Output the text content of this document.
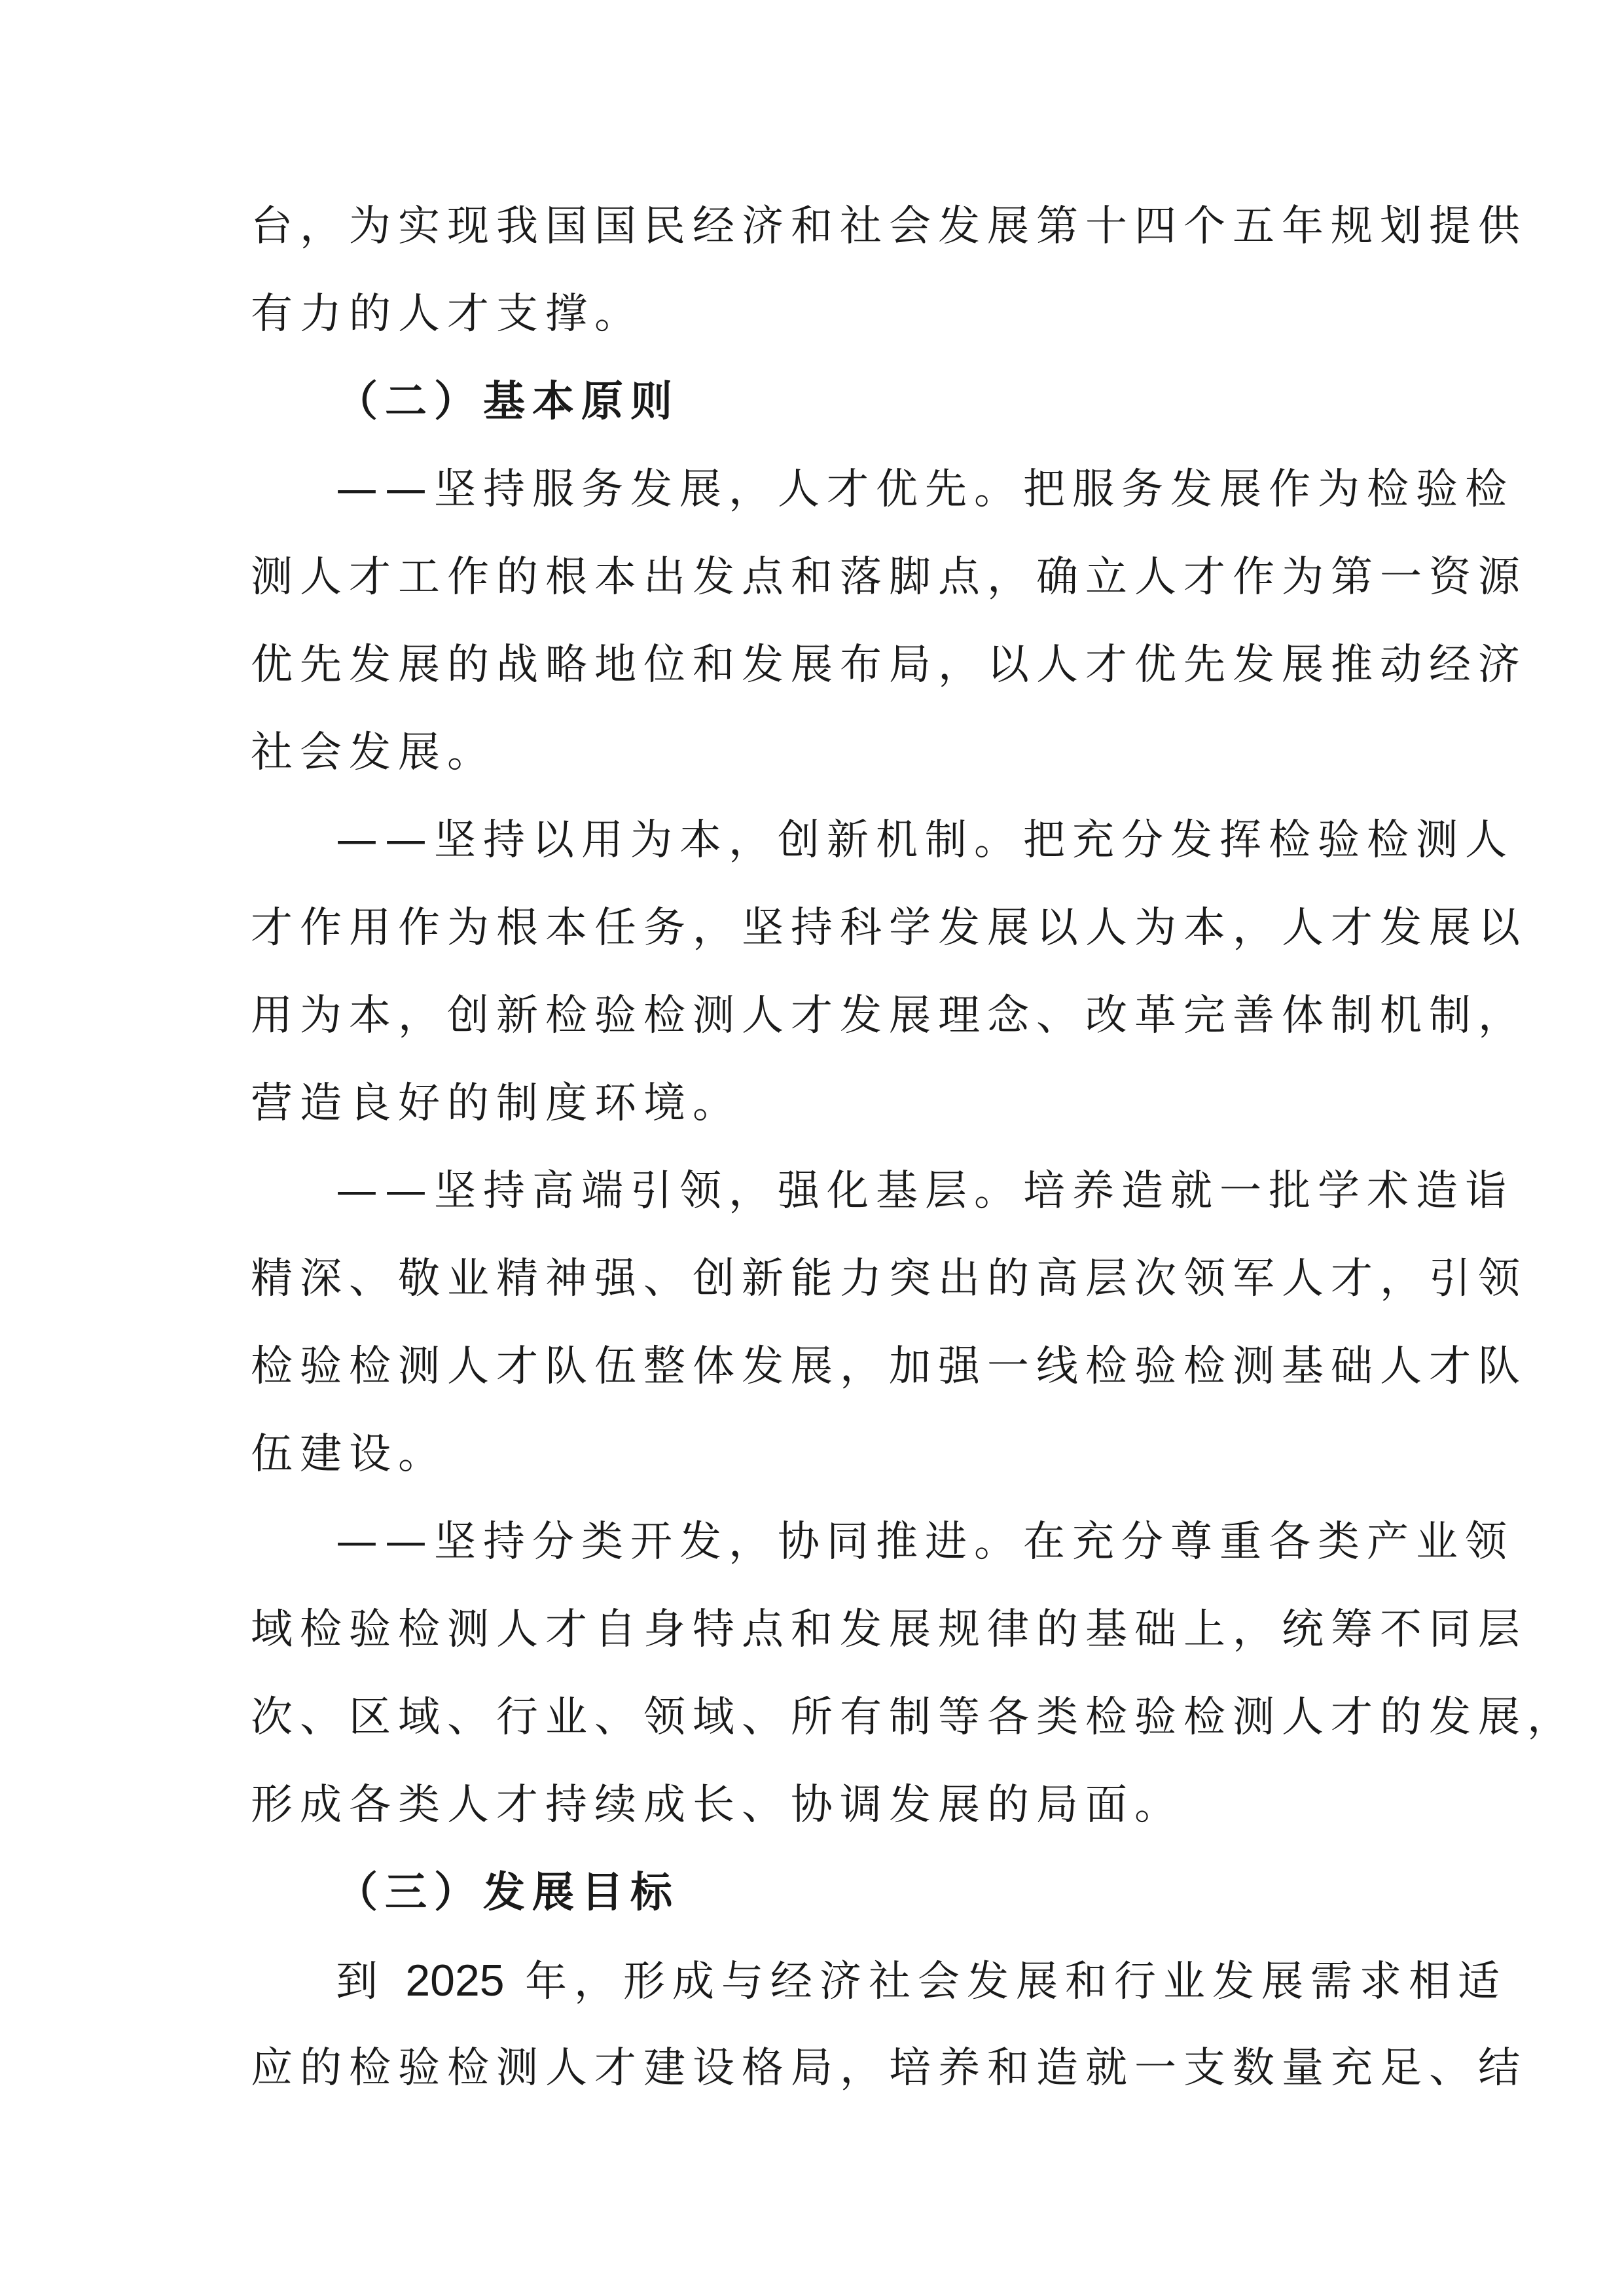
台，为实现我国国民经济和社会发展第十四个五年规划提供
有力的人才支撑。
（二）基本原则
——坚持服务发展，人才优先。把服务发展作为检验检
测人才工作的根本出发点和落脚点，确立人才作为第一资源
优先发展的战略地位和发展布局，以人才优先发展推动经济
社会发展。
——坚持以用为本，创新机制。把充分发挥检验检测人
才作用作为根本任务，坚持科学发展以人为本，人才发展以
用为本，创新检验检测人才发展理念、改革完善体制机制，
营造良好的制度环境。
——坚持高端引领，强化基层。培养造就一批学术造诣
精深、敬业精神强、创新能力突出的高层次领军人才，引领
检验检测人才队伍整体发展，加强一线检验检测基础人才队
伍建设。
——坚持分类开发，协同推进。在充分尊重各类产业领
域检验检测人才自身特点和发展规律的基础上，统筹不同层
次、区域、行业、领域、所有制等各类检验检测人才的发展，
形成各类人才持续成长、协调发展的局面。
（三）发展目标
到 2025 年，形成与经济社会发展和行业发展需求相适
应的检验检测人才建设格局，培养和造就一支数量充足、结
